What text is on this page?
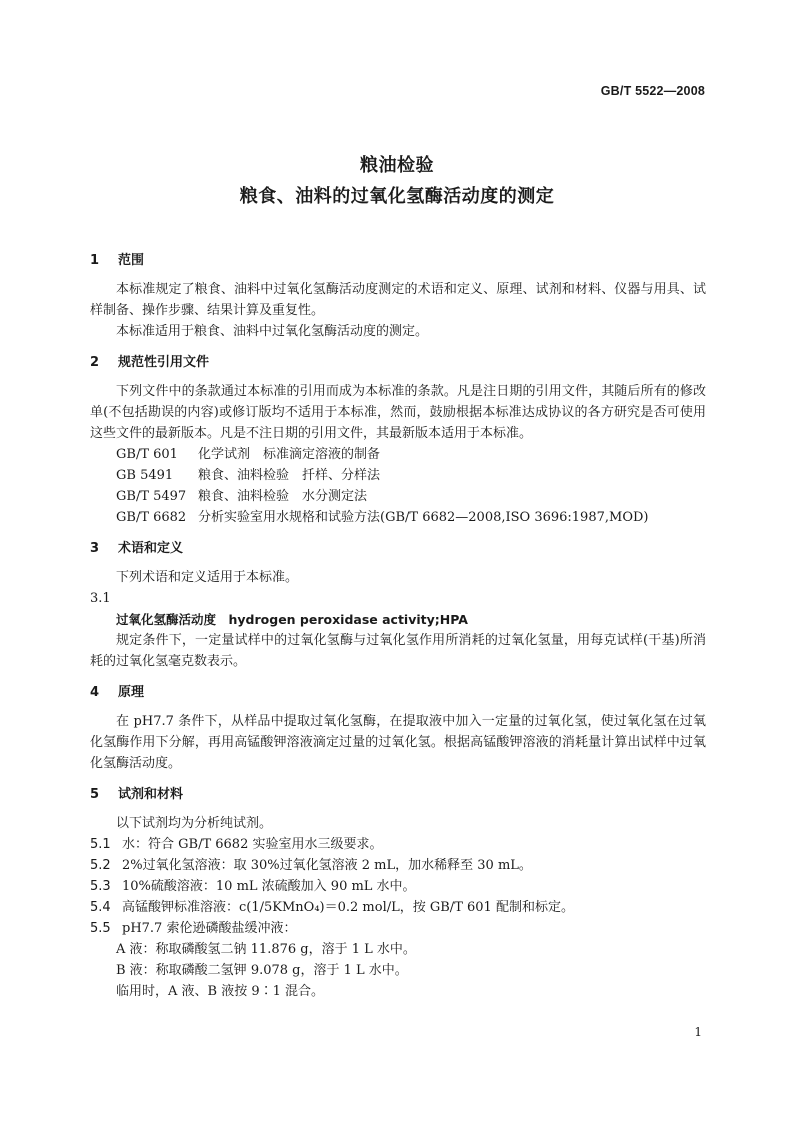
GB/T 5522—2008
粮油检验
粮食、油料的过氧化氢酶活动度的测定
1 范围
本标准规定了粮食、油料中过氧化氢酶活动度测定的术语和定义、原理、试剂和材料、仪器与用具、试样制备、操作步骤、结果计算及重复性。
本标准适用于粮食、油料中过氧化氢酶活动度的测定。
2 规范性引用文件
下列文件中的条款通过本标准的引用而成为本标准的条款。凡是注日期的引用文件，其随后所有的修改单(不包括勘误的内容)或修订版均不适用于本标准，然而，鼓励根据本标准达成协议的各方研究是否可使用这些文件的最新版本。凡是不注日期的引用文件，其最新版本适用于本标准。
GB/T 601 化学试剂　标准滴定溶液的制备
GB 5491 粮食、油料检验　扦样、分样法
GB/T 5497 粮食、油料检验　水分测定法
GB/T 6682 分析实验室用水规格和试验方法(GB/T 6682—2008,ISO 3696:1987,MOD)
3 术语和定义
下列术语和定义适用于本标准。
3.1
过氧化氢酶活动度　hydrogen peroxidase activity;HPA
规定条件下，一定量试样中的过氧化氢酶与过氧化氢作用所消耗的过氧化氢量，用每克试样(干基)所消耗的过氧化氢毫克数表示。
4 原理
在 pH7.7 条件下，从样品中提取过氧化氢酶，在提取液中加入一定量的过氧化氢，使过氧化氢在过氧化氢酶作用下分解，再用高锰酸钾溶液滴定过量的过氧化氢。根据高锰酸钾溶液的消耗量计算出试样中过氧化氢酶活动度。
5 试剂和材料
以下试剂均为分析纯试剂。
5.1 水：符合 GB/T 6682 实验室用水三级要求。
5.2 2%过氧化氢溶液：取 30%过氧化氢溶液 2 mL，加水稀释至 30 mL。
5.3 10%硫酸溶液：10 mL 浓硫酸加入 90 mL 水中。
5.4 高锰酸钾标准溶液：c(1/5KMnO₄)＝0.2 mol/L，按 GB/T 601 配制和标定。
5.5 pH7.7 索伦逊磷酸盐缓冲液：
A 液：称取磷酸氢二钠 11.876 g，溶于 1 L 水中。
B 液：称取磷酸二氢钾 9.078 g，溶于 1 L 水中。
临用时，A 液、B 液按 9∶1 混合。
1
